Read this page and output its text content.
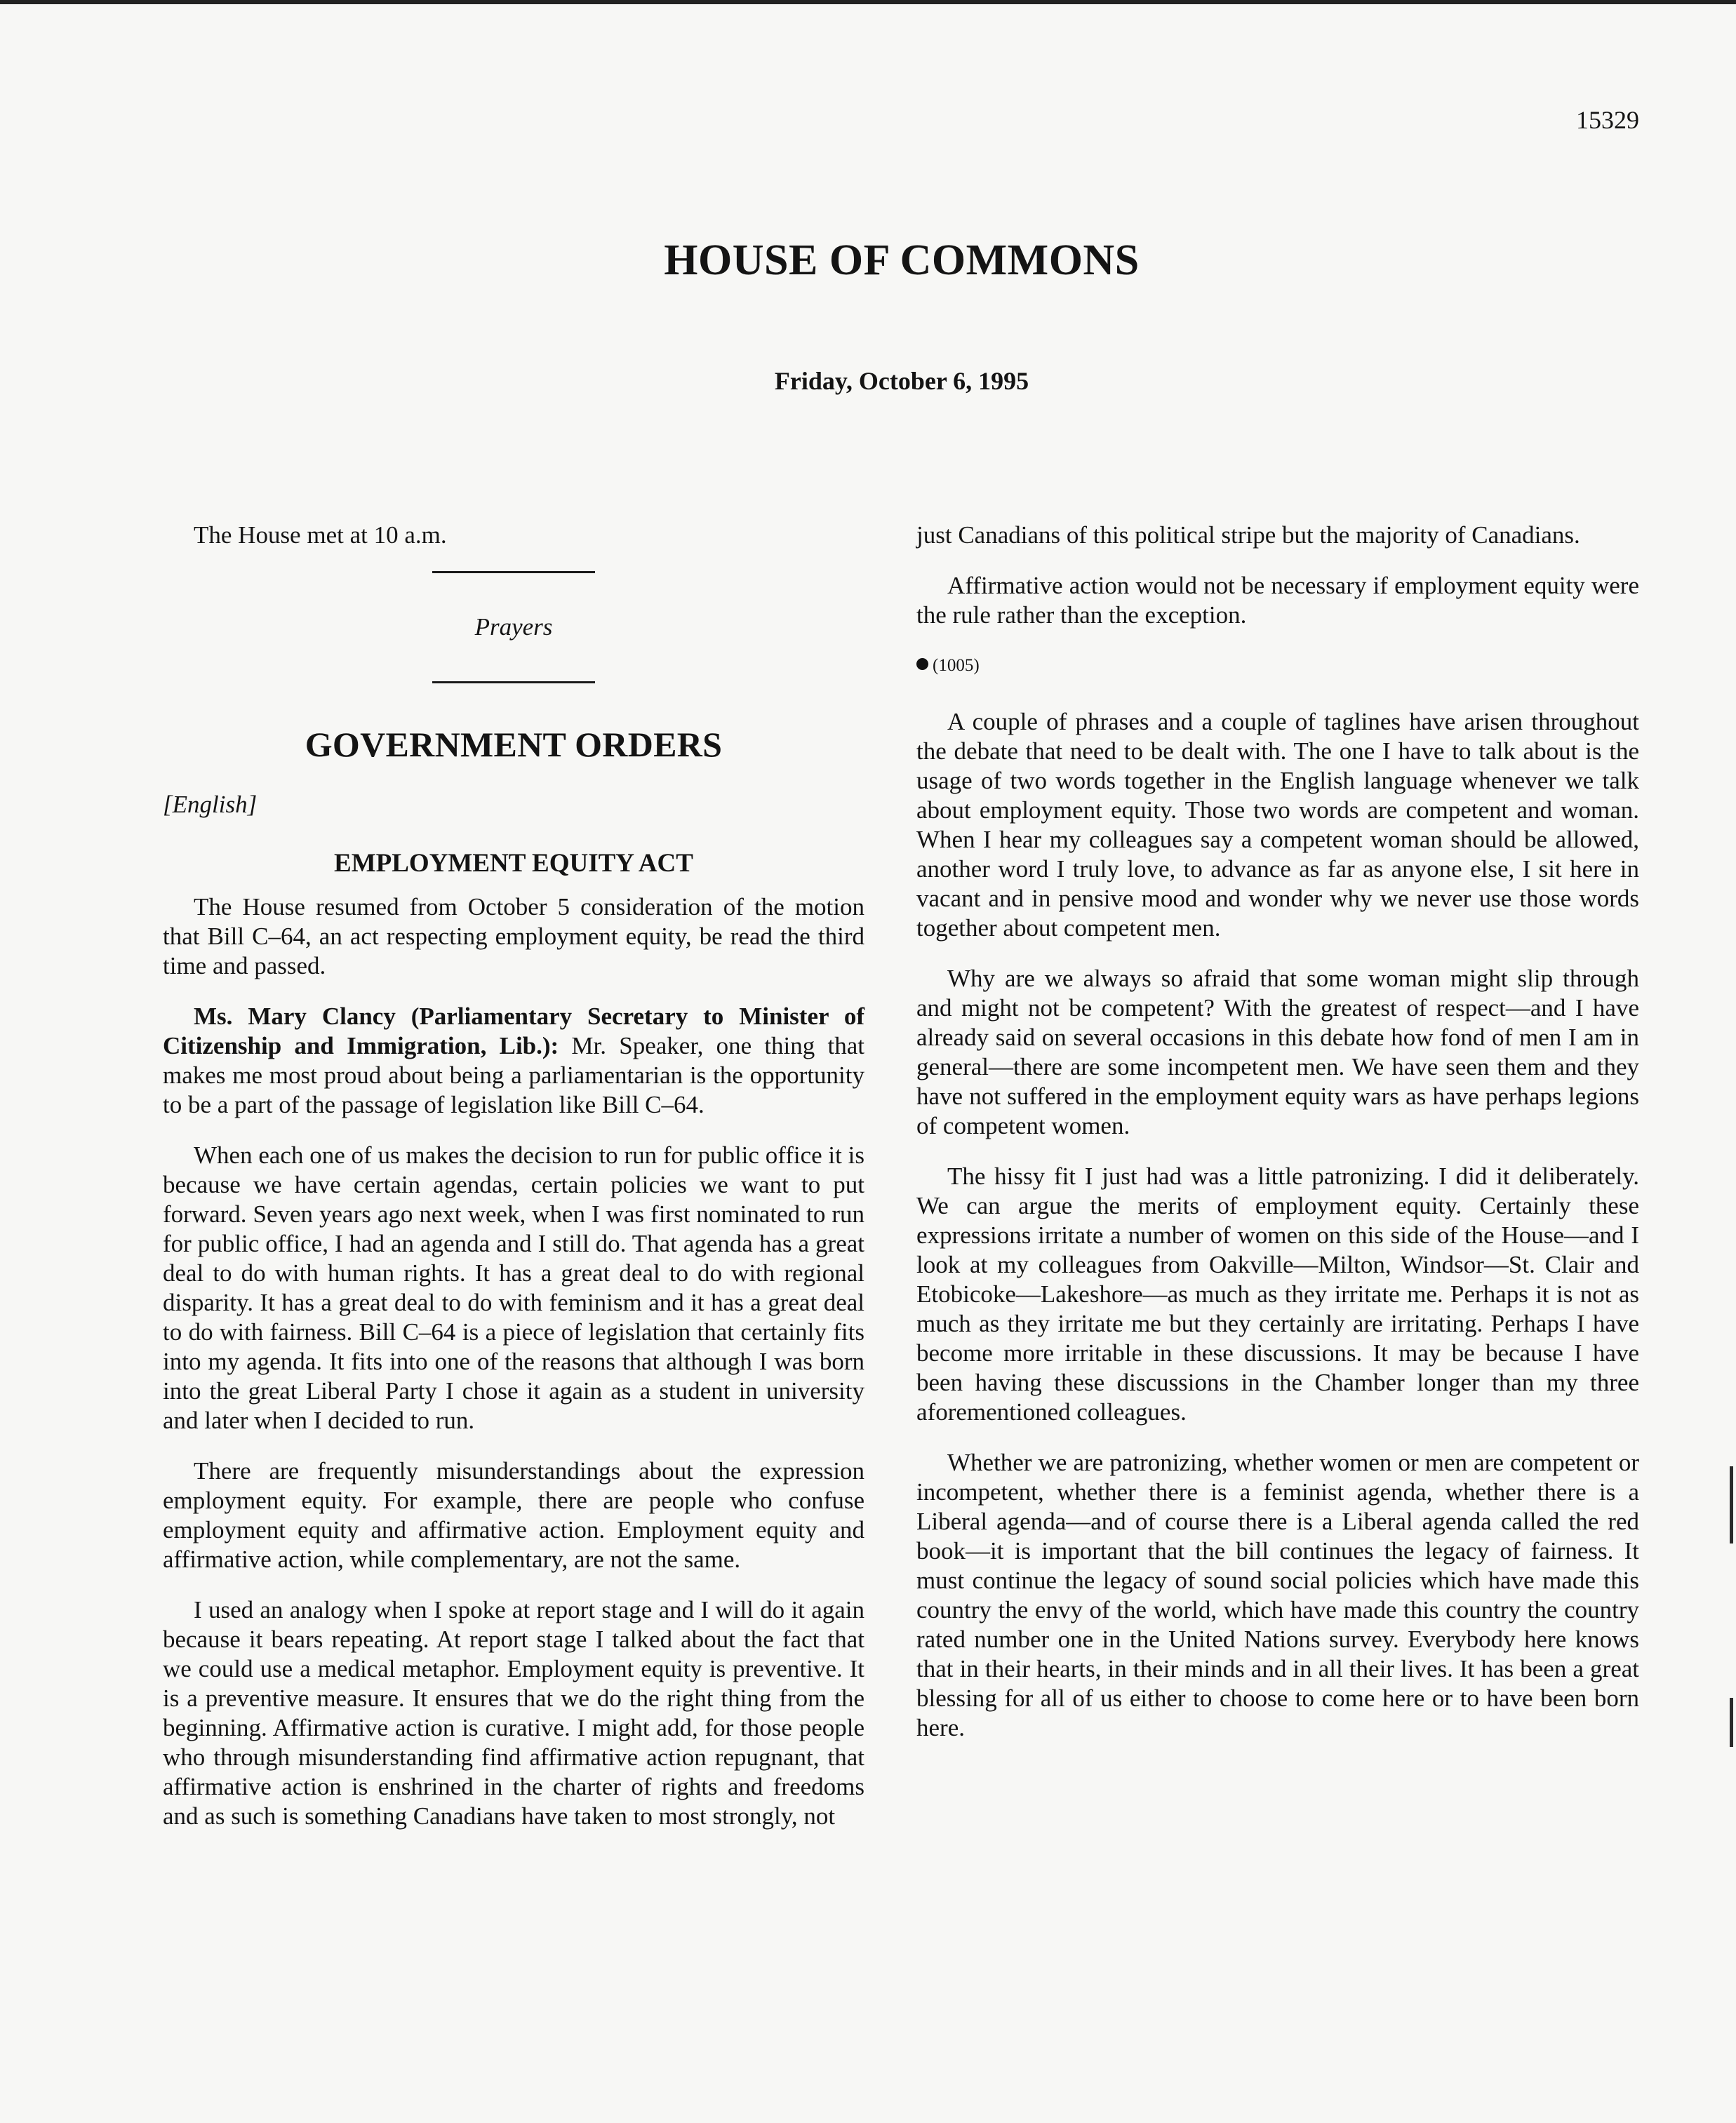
15329
HOUSE OF COMMONS
Friday, October 6, 1995

The House met at 10 a.m.

Prayers
GOVERNMENT ORDERS
[English]
EMPLOYMENT EQUITY ACT

The House resumed from October 5 consideration of the motion that Bill C–64, an act respecting employment equity, be read the third time and passed.

Ms. Mary Clancy (Parliamentary Secretary to Minister of Citizenship and Immigration, Lib.): Mr. Speaker, one thing that makes me most proud about being a parliamentarian is the opportunity to be a part of the passage of legislation like Bill C–64.

When each one of us makes the decision to run for public office it is because we have certain agendas, certain policies we want to put forward. Seven years ago next week, when I was first nominated to run for public office, I had an agenda and I still do. That agenda has a great deal to do with human rights. It has a great deal to do with regional disparity. It has a great deal to do with feminism and it has a great deal to do with fairness. Bill C–64 is a piece of legislation that certainly fits into my agenda. It fits into one of the reasons that although I was born into the great Liberal Party I chose it again as a student in university and later when I decided to run.

There are frequently misunderstandings about the expression employment equity. For example, there are people who confuse employment equity and affirmative action. Employment equity and affirmative action, while complementary, are not the same.

I used an analogy when I spoke at report stage and I will do it again because it bears repeating. At report stage I talked about the fact that we could use a medical metaphor. Employment equity is preventive. It is a preventive measure. It ensures that we do the right thing from the beginning. Affirmative action is curative. I might add, for those people who through misunderstanding find affirmative action repugnant, that affirmative action is enshrined in the charter of rights and freedoms and as such is something Canadians have taken to most strongly, not

just Canadians of this political stripe but the majority of Canadians.

Affirmative action would not be necessary if employment equity were the rule rather than the exception.

(1005)

A couple of phrases and a couple of taglines have arisen throughout the debate that need to be dealt with. The one I have to talk about is the usage of two words together in the English language whenever we talk about employment equity. Those two words are competent and woman. When I hear my colleagues say a competent woman should be allowed, another word I truly love, to advance as far as anyone else, I sit here in vacant and in pensive mood and wonder why we never use those words together about competent men.

Why are we always so afraid that some woman might slip through and might not be competent? With the greatest of respect—and I have already said on several occasions in this debate how fond of men I am in general—there are some incompetent men. We have seen them and they have not suffered in the employment equity wars as have perhaps legions of competent women.

The hissy fit I just had was a little patronizing. I did it deliberately. We can argue the merits of employment equity. Certainly these expressions irritate a number of women on this side of the House—and I look at my colleagues from Oakville—Milton, Windsor—St. Clair and Etobicoke—Lakeshore—as much as they irritate me. Perhaps it is not as much as they irritate me but they certainly are irritating. Perhaps I have become more irritable in these discussions. It may be because I have been having these discussions in the Chamber longer than my three aforementioned colleagues.

Whether we are patronizing, whether women or men are competent or incompetent, whether there is a feminist agenda, whether there is a Liberal agenda—and of course there is a Liberal agenda called the red book—it is important that the bill continues the legacy of fairness. It must continue the legacy of sound social policies which have made this country the envy of the world, which have made this country the country rated number one in the United Nations survey. Everybody here knows that in their hearts, in their minds and in all their lives. It has been a great blessing for all of us either to choose to come here or to have been born here.
